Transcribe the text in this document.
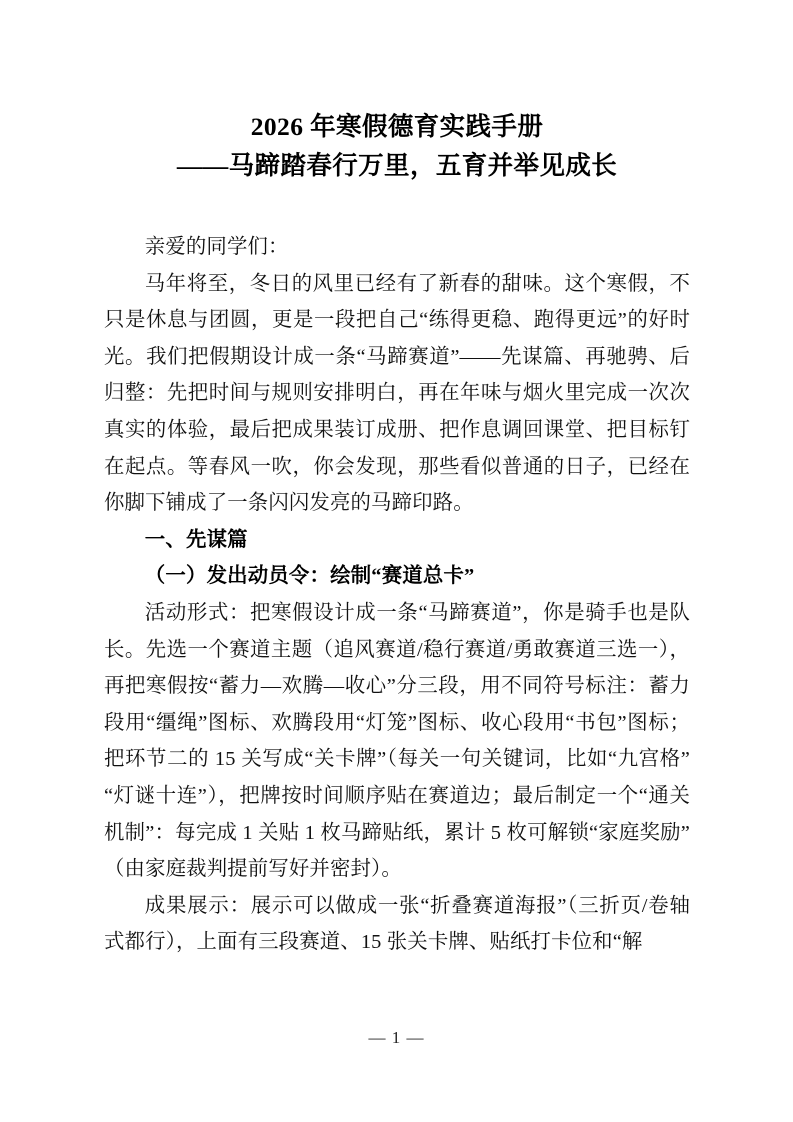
2026 年寒假德育实践手册
——马蹄踏春行万里，五育并举见成长

亲爱的同学们：

马年将至，冬日的风里已经有了新春的甜味。这个寒假，不只是休息与团圆，更是一段把自己“练得更稳、跑得更远”的好时光。我们把假期设计成一条“马蹄赛道”——先谋篇、再驰骋、后归整：先把时间与规则安排明白，再在年味与烟火里完成一次次真实的体验，最后把成果装订成册、把作息调回课堂、把目标钉在起点。等春风一吹，你会发现，那些看似普通的日子，已经在你脚下铺成了一条闪闪发亮的马蹄印路。

一、先谋篇

（一）发出动员令：绘制“赛道总卡”

活动形式：把寒假设计成一条“马蹄赛道”，你是骑手也是队长。先选一个赛道主题（追风赛道/稳行赛道/勇敢赛道三选一），再把寒假按“蓄力—欢腾—收心”分三段，用不同符号标注：蓄力段用“缰绳”图标、欢腾段用“灯笼”图标、收心段用“书包”图标；把环节二的 15 关写成“关卡牌”（每关一句关键词，比如“九宫格”“灯谜十连”），把牌按时间顺序贴在赛道边；最后制定一个“通关机制”：每完成 1 关贴 1 枚马蹄贴纸，累计 5 枚可解锁“家庭奖励”（由家庭裁判提前写好并密封）。

成果展示：展示可以做成一张“折叠赛道海报”（三折页/卷轴式都行），上面有三段赛道、15 张关卡牌、贴纸打卡位和“解

— 1 —
